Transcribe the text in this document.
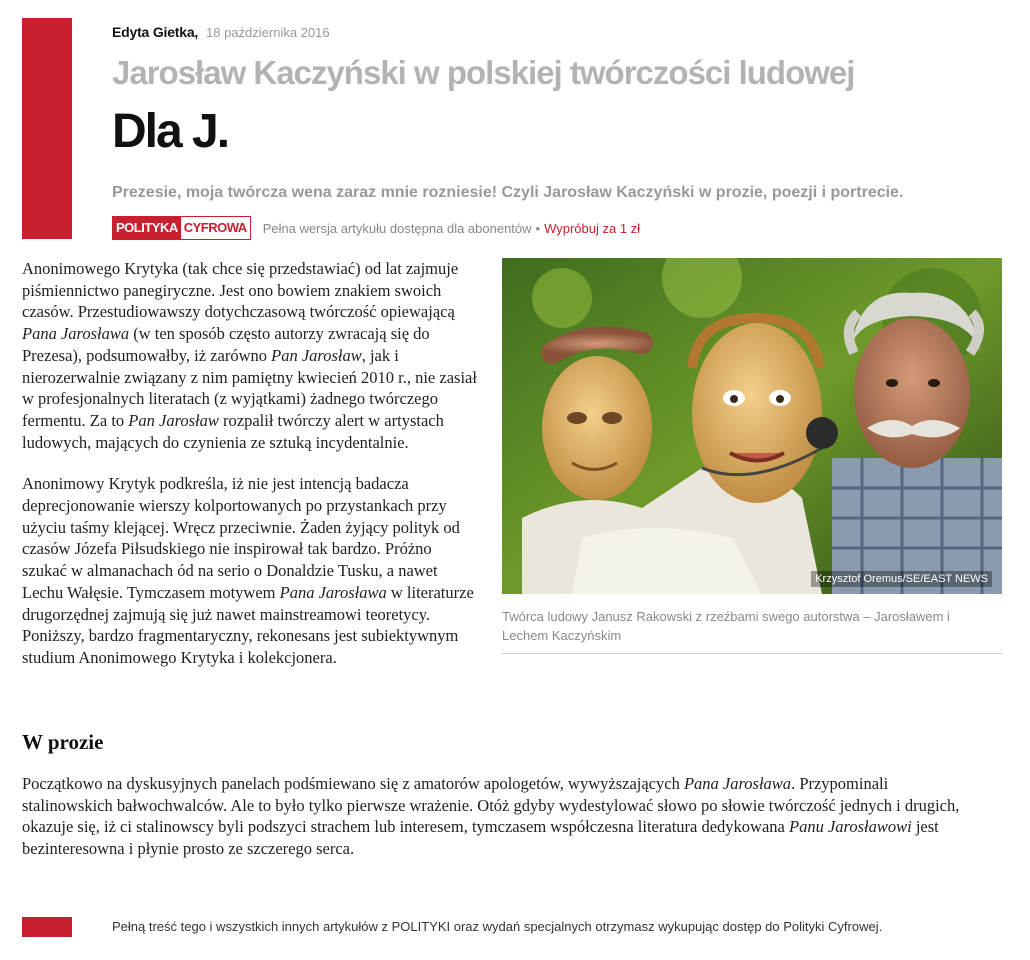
Edyta Gietka, 18 października 2016
Jarosław Kaczyński w polskiej twórczości ludowej
Dla J.
Prezesie, moja twórcza wena zaraz mnie rozniesie! Czyli Jarosław Kaczyński w prozie, poezji i portrecie.
POLITYKA CYFROWA Pełna wersja artykułu dostępna dla abonentów • Wypróbuj za 1 zł

Anonimowego Krytyka (tak chce się przedstawiać) od lat zajmuje piśmiennictwo panegiryczne. Jest ono bowiem znakiem swoich czasów. Przestudiowawszy dotychczasową twórczość opiewającą Pana Jarosława (w ten sposób często autorzy zwracają się do Prezesa), podsumowałby, iż zarówno Pan Jarosław, jak i nierozerwalnie związany z nim pamiętny kwiecień 2010 r., nie zasiał w profesjonalnych literatach (z wyjątkami) żadnego twórczego fermentu. Za to Pan Jarosław rozpalił twórczy alert w artystach ludowych, mających do czynienia ze sztuką incydentalnie.

Anonimowy Krytyk podkreśla, iż nie jest intencją badacza deprecjonowanie wierszy kolportowanych po przystankach przy użyciu taśmy klejącej. Wręcz przeciwnie. Żaden żyjący polityk od czasów Józefa Piłsudskiego nie inspirował tak bardzo. Próżno szukać w almanachach ód na serio o Donaldzie Tusku, a nawet Lechu Wałęsie. Tymczasem motywem Pana Jarosława w literaturze drugorzędnej zajmują się już nawet mainstreamowi teoretycy. Poniższy, bardzo fragmentaryczny, rekonesans jest subiektywnym studium Anonimowego Krytyka i kolekcjonera.

Krzysztof Oremus/SE/EAST NEWS
Twórca ludowy Janusz Rakowski z rzeźbami swego autorstwa – Jarosławem i Lechem Kaczyńskim
W prozie

Początkowo na dyskusyjnych panelach podśmiewano się z amatorów apologetów, wywyższających Pana Jarosława. Przypominali stalinowskich bałwochwalców. Ale to było tylko pierwsze wrażenie. Otóż gdyby wydestylować słowo po słowie twórczość jednych i drugich, okazuje się, iż ci stalinowscy byli podszyci strachem lub interesem, tymczasem współczesna literatura dedykowana Panu Jarosławowi jest bezinteresowna i płynie prosto ze szczerego serca.

Pełną treść tego i wszystkich innych artykułów z POLITYKI oraz wydań specjalnych otrzymasz wykupując dostęp do Polityki Cyfrowej.
